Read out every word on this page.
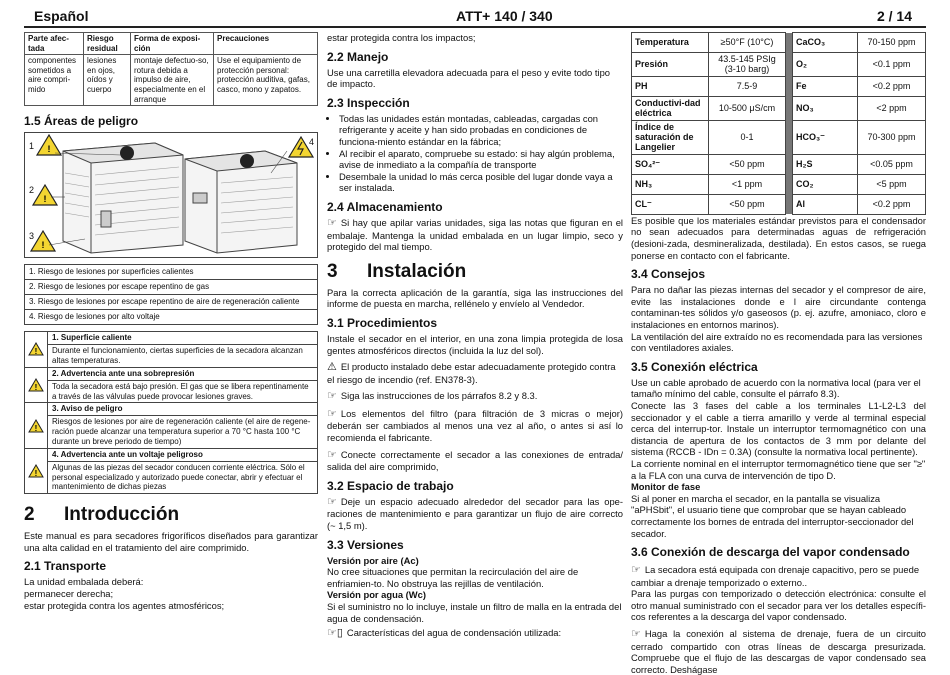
Español	ATT+ 140 / 340	2 / 14
Parte afec-tada	Riesgo residual	Forma de exposi-ción	Precauciones
componentes sometidos a aire compri-mido	lesiones en ojos, oídos y cuerpo	montaje defectuo-so, rotura debida a impulso de aire, especialmente en el arranque	Use el equipamiento de protección personal: protección auditiva, gafas, casco, mono y zapatos.
1.5 Áreas de peligro
!
!
!
1
2
3
4
1. Riesgo de lesiones por superficies calientes
2. Riesgo de lesiones por escape repentino de gas
3. Riesgo de lesiones por escape repentino de aire de regeneración caliente
4. Riesgo de lesiones por alto voltaje
!
1. Superficie caliente
Durante el funcionamiento, ciertas superficies de la secadora alcanzan altas temperaturas.
!
2. Advertencia ante una sobrepresión
Toda la secadora está bajo presión. El gas que se libera repentinamente a través de las válvulas puede provocar lesiones graves.
!
3. Aviso de peligro
Riesgos de lesiones por aire de regeneración caliente (el aire de regene-ración puede alcanzar una temperatura superior a 70 °C hasta 100 °C durante un breve periodo de tiempo)
!
4. Advertencia ante un voltaje peligroso
Algunas de las piezas del secador conducen corriente eléctrica. Sólo el personal especializado y autorizado puede conectar, abrir y efectuar el mantenimiento de dichas piezas
2 Introducción

Este manual es para secadores frigoríficos diseñados para garantizar una alta calidad en el tratamiento del aire comprimido.

2.1 Transporte

La unidad embalada deberá:

permanecer derecha;

estar protegida contra los agentes atmosféricos;

estar protegida contra los impactos;

2.2 Manejo

Use una carretilla elevadora adecuada para el peso y evite todo tipo de impacto.

2.3 Inspección
• Todas las unidades están montadas, cableadas, cargadas con refrigerante y aceite y han sido probadas en condiciones de funciona-miento estándar en la fábrica;
• Al recibir el aparato, compruebe su estado: si hay algún problema, avise de inmediato a la compañía de transporte
• Desembale la unidad lo más cerca posible del lugar donde vaya a ser instalada.
2.4 Almacenamiento

☞ Si hay que apilar varias unidades, siga las notas que figuran en el embalaje. Mantenga la unidad embalada en un lugar limpio, seco y protegido del mal tiempo.

3 Instalación

Para la correcta aplicación de la garantía, siga las instrucciones del informe de puesta en marcha, rellénelo y envíelo al Vendedor.

3.1 Procedimientos

Instale el secador en el interior, en una zona limpia protegida de losa gentes atmosféricos directos (incluida la luz del sol).

⚠ El producto instalado debe estar adecuadamente protegido contra el riesgo de incendio (ref. EN378-3).

☞ Siga las instrucciones de los párrafos 8.2 y 8.3.

☞ Los elementos del filtro (para filtración de 3 micras o mejor) deberán ser cambiados al menos una vez al año, o antes si así lo recomienda el fabricante.

☞ Conecte correctamente el secador a las conexiones de entrada/ salida del aire comprimido,

3.2 Espacio de trabajo

☞ Deje un espacio adecuado alrededor del secador para las ope-raciones de mantenimiento e para garantizar un flujo de aire correcto (~ 1,5 m).

3.3 Versiones
Versión por aire (Ac)

No cree situaciones que permitan la recirculación del aire de enfriamien-to. No obstruya las rejillas de ventilación.

Versión por agua (Wc)

Si el suministro no lo incluye, instale un filtro de malla en la entrada del agua de condensación.

☞▯ Características del agua de condensación utilizada:

Temperatura	≥50°F (10°C)		CaCO₃	70-150 ppm
Presión	43.5-145 PSIg (3-10 barg)		O₂	<0.1 ppm
PH	7.5-9		Fe	<0.2 ppm
Conductivi-dad eléctrica	10-500 μS/cm		NO₃	<2 ppm
Índice de saturación de Langelier	0-1		HCO₃⁻	70-300 ppm
SO₄²⁻	<50 ppm		H₂S	<0.05 ppm
NH₃	<1 ppm		CO₂	<5 ppm
CL⁻	<50 ppm		Al	<0.2 ppm

Es posible que los materiales estándar previstos para el condensador no sean adecuados para determinadas aguas de refrigeración (desioni-zada, desmineralizada, destilada). En estos casos, se ruega ponerse en contacto con el fabricante.

3.4 Consejos

Para no dañar las piezas internas del secador y el compresor de aire, evite las instalaciones donde e l aire circundante contenga contaminan-tes sólidos y/o gaseosos (p. ej. azufre, amoniaco, cloro e instalaciones en entornos marinos).

La ventilación del aire extraído no es recomendada para las versiones con ventiladores axiales.

3.5 Conexión eléctrica

Use un cable aprobado de acuerdo con la normativa local (para ver el tamaño mínimo del cable, consulte el párrafo 8.3).

Conecte las 3 fases del cable a los terminales L1-L2-L3 del seccionador y el cable a tierra amarillo y verde al terminal especial cerca del interrup-tor. Instale un interruptor termomagnético con una distancia de apertura de los contactos de 3 mm por delante del sistema (RCCB - IDn = 0.3A) (consulte la normativa local pertinente).

La corriente nominal en el interruptor termomagnético tiene que ser "≥" a la FLA con una curva de intervención de tipo D.

Monitor de fase

Si al poner en marcha el secador, en la pantalla se visualiza "aPHSbit", el usuario tiene que comprobar que se hayan cableado correctamente los bornes de entrada del interruptor-seccionador del secador.

3.6 Conexión de descarga del vapor condensado

☞ La secadora está equipada con drenaje capacitivo, pero se puede cambiar a drenaje temporizado o externo..

Para las purgas con temporizado o detección electrónica: consulte el otro manual suministrado con el secador para ver los detalles específi-cos referentes a la descarga del vapor condensado.

☞ Haga la conexión al sistema de drenaje, fuera de un circuito cerrado compartido con otras líneas de descarga presurizada. Compruebe que el flujo de las descargas de vapor condensado sea correcto. Deshágase
